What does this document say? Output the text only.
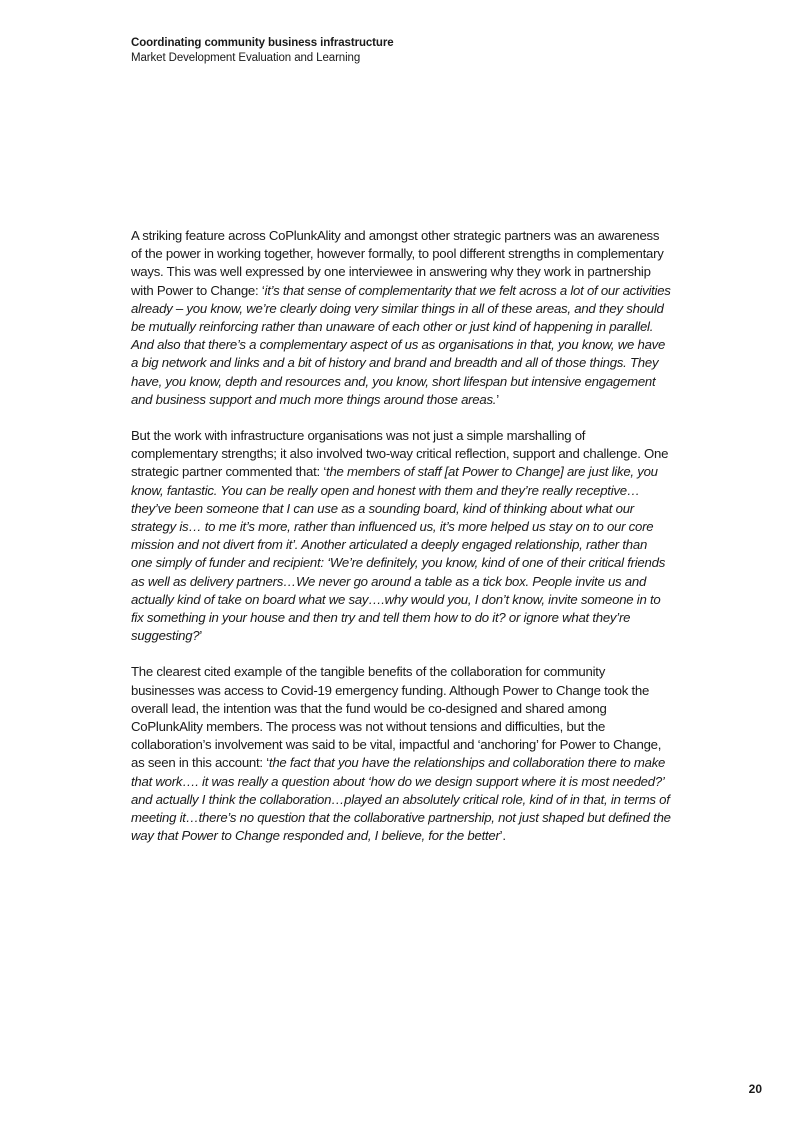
Coordinating community business infrastructure
Market Development Evaluation and Learning

A striking feature across CoPlunkAlity and amongst other strategic partners was an awareness of the power in working together, however formally, to pool different strengths in complementary ways. This was well expressed by one interviewee in answering why they work in partnership with Power to Change: ‘it’s that sense of complementarity that we felt across a lot of our activities already – you know, we’re clearly doing very similar things in all of these areas, and they should be mutually reinforcing rather than unaware of each other or just kind of happening in parallel. And also that there’s a complementary aspect of us as organisations in that, you know, we have a big network and links and a bit of history and brand and breadth and all of those things. They have, you know, depth and resources and, you know, short lifespan but intensive engagement and business support and much more things around those areas.’

But the work with infrastructure organisations was not just a simple marshalling of complementary strengths; it also involved two-way critical reflection, support and challenge. One strategic partner commented that: ‘the members of staff [at Power to Change] are just like, you know, fantastic. You can be really open and honest with them and they’re really receptive…they’ve been someone that I can use as a sounding board, kind of thinking about what our strategy is… to me it’s more, rather than influenced us, it’s more helped us stay on to our core mission and not divert from it’. Another articulated a deeply engaged relationship, rather than one simply of funder and recipient: ‘We’re definitely, you know, kind of one of their critical friends as well as delivery partners…We never go around a table as a tick box. People invite us and actually kind of take on board what we say….why would you, I don’t know, invite someone in to fix something in your house and then try and tell them how to do it? or ignore what they’re suggesting?’

The clearest cited example of the tangible benefits of the collaboration for community businesses was access to Covid-19 emergency funding. Although Power to Change took the overall lead, the intention was that the fund would be co-designed and shared among CoPlunkAlity members. The process was not without tensions and difficulties, but the collaboration’s involvement was said to be vital, impactful and ‘anchoring’ for Power to Change, as seen in this account: ‘the fact that you have the relationships and collaboration there to make that work…. it was really a question about ‘how do we design support where it is most needed?’ and actually I think the collaboration…played an absolutely critical role, kind of in that, in terms of meeting it…there’s no question that the collaborative partnership, not just shaped but defined the way that Power to Change responded and, I believe, for the better’.

20
